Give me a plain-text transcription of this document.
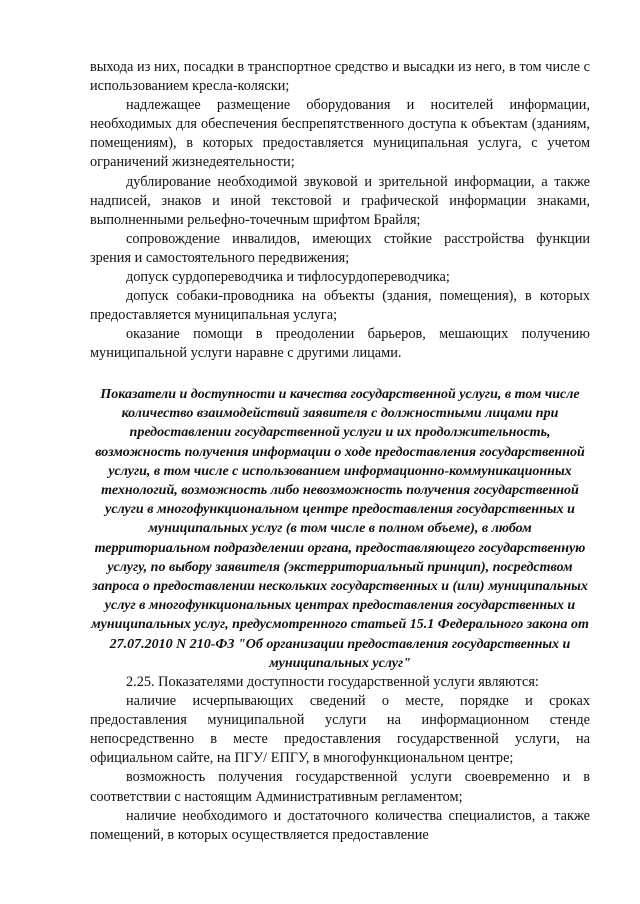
выхода из них, посадки в транспортное средство и высадки из него, в том числе с использованием кресла-коляски;

надлежащее размещение оборудования и носителей информации, необходимых для обеспечения беспрепятственного доступа к объектам (зданиям, помещениям), в которых предоставляется муниципальная услуга, с учетом ограничений жизнедеятельности;

дублирование необходимой звуковой и зрительной информации, а также надписей, знаков и иной текстовой и графической информации знаками, выполненными рельефно-точечным шрифтом Брайля;

сопровождение инвалидов, имеющих стойкие расстройства функции зрения и самостоятельного передвижения;

допуск сурдопереводчика и тифлосурдопереводчика;

допуск собаки-проводника на объекты (здания, помещения), в которых предоставляется муниципальная услуга;

оказание помощи в преодолении барьеров, мешающих получению муниципальной услуги наравне с другими лицами.

Показатели и доступности и качества государственной услуги, в том числе количество взаимодействий заявителя с должностными лицами при предоставлении государственной услуги и их продолжительность, возможность получения информации о ходе предоставления государственной услуги, в том числе с использованием информационно-коммуникационных технологий, возможность либо невозможность получения государственной услуги в многофункциональном центре предоставления государственных и муниципальных услуг (в том числе в полном объеме), в любом территориальном подразделении органа, предоставляющего государственную услугу, по выбору заявителя (экстерриториальный принцип), посредством запроса о предоставлении нескольких государственных и (или) муниципальных услуг в многофункциональных центрах предоставления государственных и муниципальных услуг, предусмотренного статьей 15.1 Федерального закона от 27.07.2010 N 210-ФЗ "Об организации предоставления государственных и муниципальных услуг"

2.25. Показателями доступности государственной услуги являются:

наличие исчерпывающих сведений о месте, порядке и сроках предоставления муниципальной услуги на информационном стенде непосредственно в месте предоставления государственной услуги, на официальном сайте, на ПГУ/ ЕПГУ, в многофункциональном центре;

возможность получения государственной услуги своевременно и в соответствии с настоящим Административным регламентом;

наличие необходимого и достаточного количества специалистов, а также помещений, в которых осуществляется предоставление
